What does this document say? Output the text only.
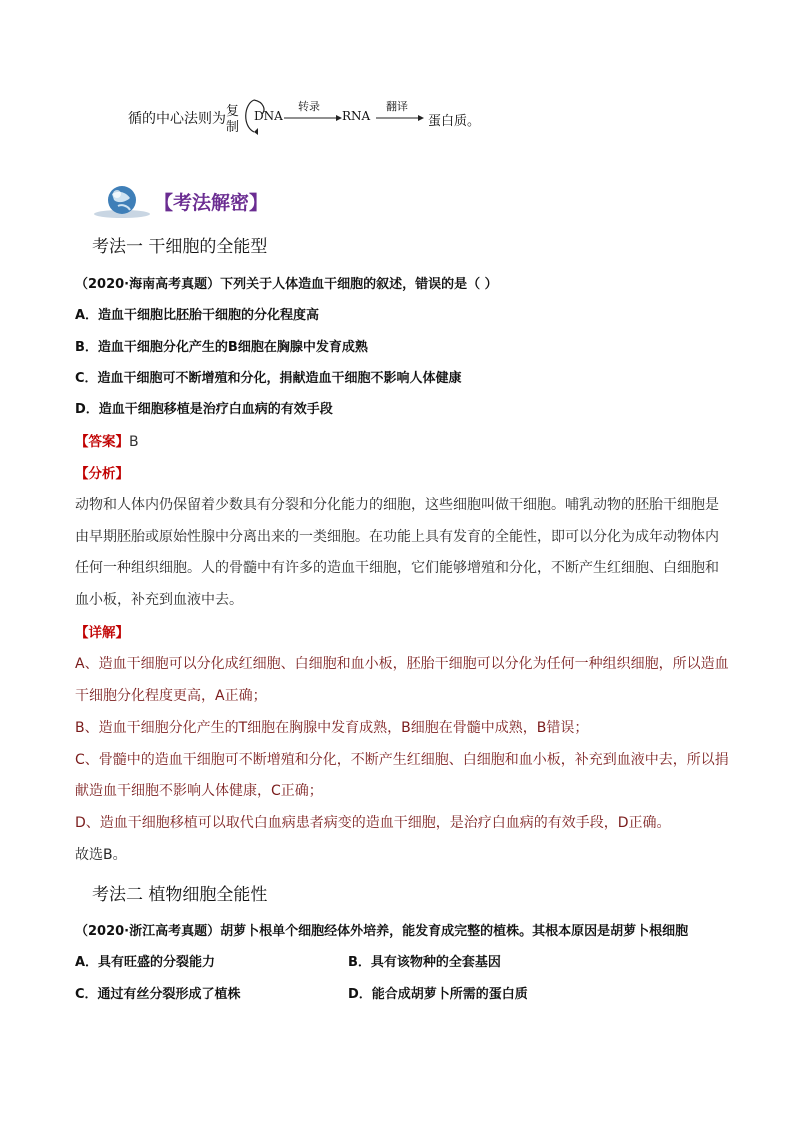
循的中心法则为 复
制
DNA
转录
RNA
翻译
蛋白质。
【考法解密】
考法一 干细胞的全能型
（2020·海南高考真题）下列关于人体造血干细胞的叙述，错误的是（ ）
A．造血干细胞比胚胎干细胞的分化程度高
B．造血干细胞分化产生的B细胞在胸腺中发育成熟
C．造血干细胞可不断增殖和分化，捐献造血干细胞不影响人体健康
D．造血干细胞移植是治疗白血病的有效手段
【答案】B
【分析】
动物和人体内仍保留着少数具有分裂和分化能力的细胞，这些细胞叫做干细胞。哺乳动物的胚胎干细胞是
由早期胚胎或原始性腺中分离出来的一类细胞。在功能上具有发育的全能性，即可以分化为成年动物体内
任何一种组织细胞。人的骨髓中有许多的造血干细胞，它们能够增殖和分化，不断产生红细胞、白细胞和
血小板，补充到血液中去。
【详解】
A、造血干细胞可以分化成红细胞、白细胞和血小板，胚胎干细胞可以分化为任何一种组织细胞，所以造血
干细胞分化程度更高，A正确；
B、造血干细胞分化产生的T细胞在胸腺中发育成熟，B细胞在骨髓中成熟，B错误；
C、骨髓中的造血干细胞可不断增殖和分化，不断产生红细胞、白细胞和血小板，补充到血液中去，所以捐
献造血干细胞不影响人体健康，C正确；
D、造血干细胞移植可以取代白血病患者病变的造血干细胞，是治疗白血病的有效手段，D正确。
故选B。
考法二 植物细胞全能性
（2020·浙江高考真题）胡萝卜根单个细胞经体外培养，能发育成完整的植株。其根本原因是胡萝卜根细胞
A．具有旺盛的分裂能力	B．具有该物种的全套基因
C．通过有丝分裂形成了植株	D．能合成胡萝卜所需的蛋白质
